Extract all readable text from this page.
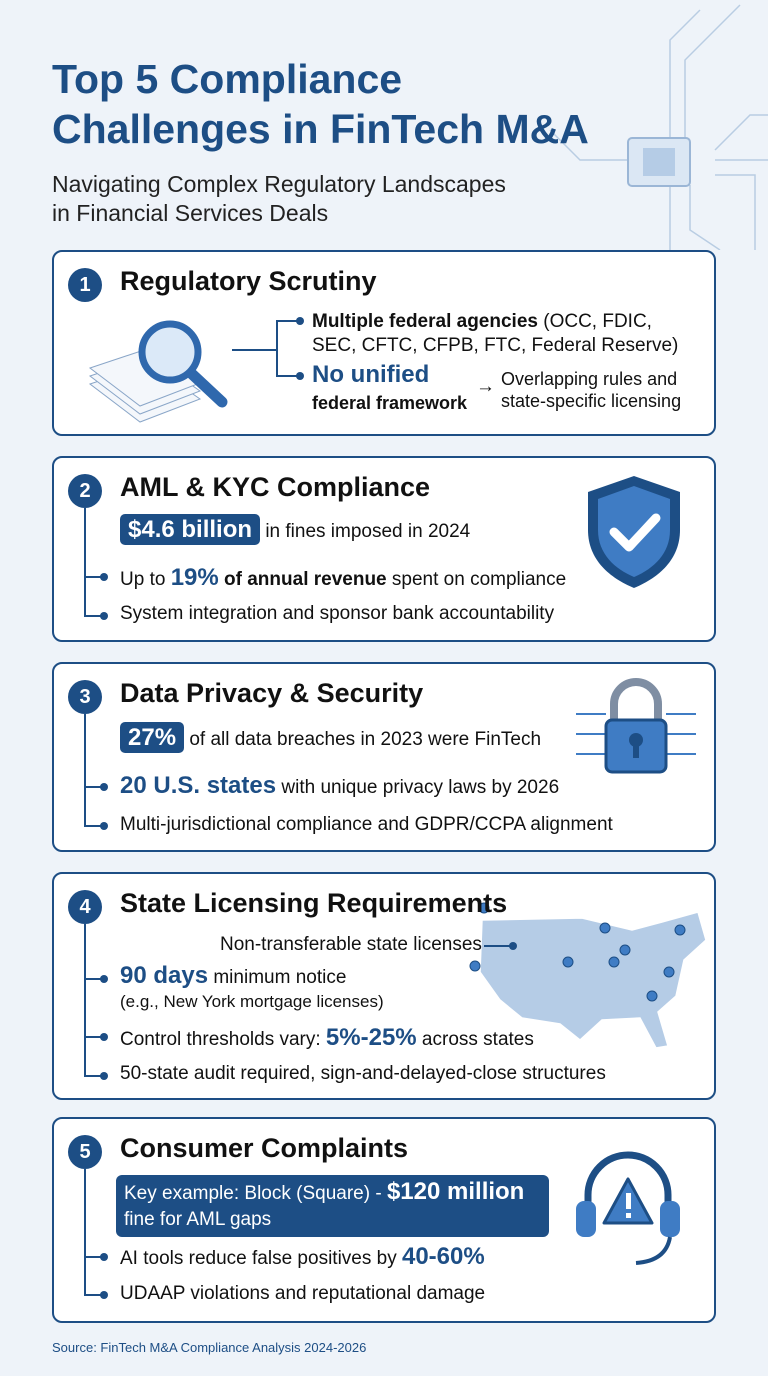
Top 5 Compliance Challenges in FinTech M&A
Navigating Complex Regulatory Landscapes
in Financial Services Deals
1	Regulatory Scrutiny
Multiple federal agencies (OCC, FDIC,
SEC, CFTC, CFPB, FTC, Federal Reserve)
No unified
federal framework
→ Overlapping rules and
state-specific licensing
2	AML & KYC Compliance
$4.6 billion in fines imposed in 2024
Up to 19% of annual revenue spent on compliance
System integration and sponsor bank accountability
3	Data Privacy & Security
27% of all data breaches in 2023 were FinTech
20 U.S. states with unique privacy laws by 2026
Multi-jurisdictional compliance and GDPR/CCPA alignment
4	State Licensing Requirements
Non-transferable state licenses
90 days minimum notice
(e.g., New York mortgage licenses)
Control thresholds vary: 5%-25% across states
50-state audit required, sign-and-delayed-close structures
5	Consumer Complaints
Key example: Block (Square) - $120 million
fine for AML gaps
AI tools reduce false positives by 40-60%
UDAAP violations and reputational damage
Source: FinTech M&A Compliance Analysis 2024-2026
